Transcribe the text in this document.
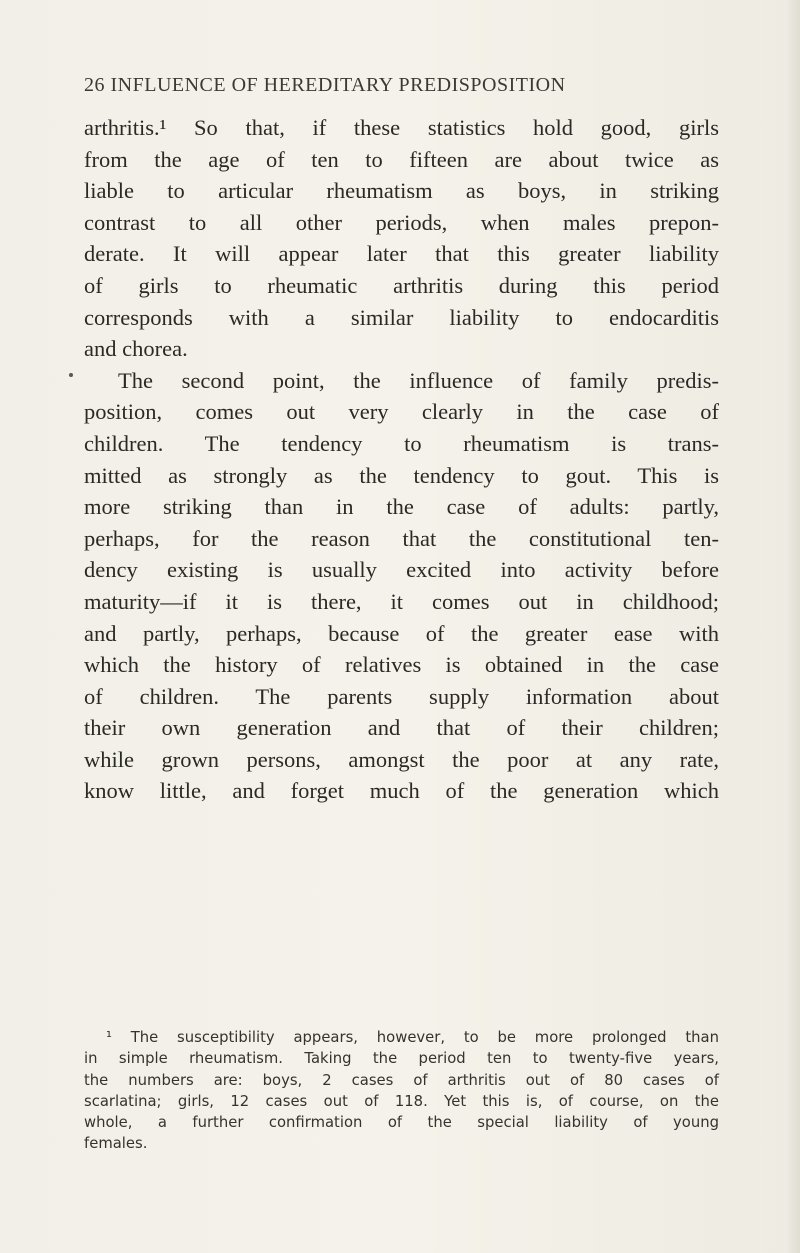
26 INFLUENCE OF HEREDITARY PREDISPOSITION
arthritis.¹ So that, if these statistics hold good, girls
from the age of ten to fifteen are about twice as
liable to articular rheumatism as boys, in striking
contrast to all other periods, when males prepon-
derate. It will appear later that this greater liability
of girls to rheumatic arthritis during this period
corresponds with a similar liability to endocarditis
and chorea.
The second point, the influence of family predis-
position, comes out very clearly in the case of
children. The tendency to rheumatism is trans-
mitted as strongly as the tendency to gout. This is
more striking than in the case of adults: partly,
perhaps, for the reason that the constitutional ten-
dency existing is usually excited into activity before
maturity—if it is there, it comes out in childhood;
and partly, perhaps, because of the greater ease with
which the history of relatives is obtained in the case
of children. The parents supply information about
their own generation and that of their children;
while grown persons, amongst the poor at any rate,
know little, and forget much of the generation which
¹ The susceptibility appears, however, to be more prolonged than
in simple rheumatism. Taking the period ten to twenty-five years,
the numbers are: boys, 2 cases of arthritis out of 80 cases of
scarlatina; girls, 12 cases out of 118. Yet this is, of course, on the
whole, a further confirmation of the special liability of young
females.
